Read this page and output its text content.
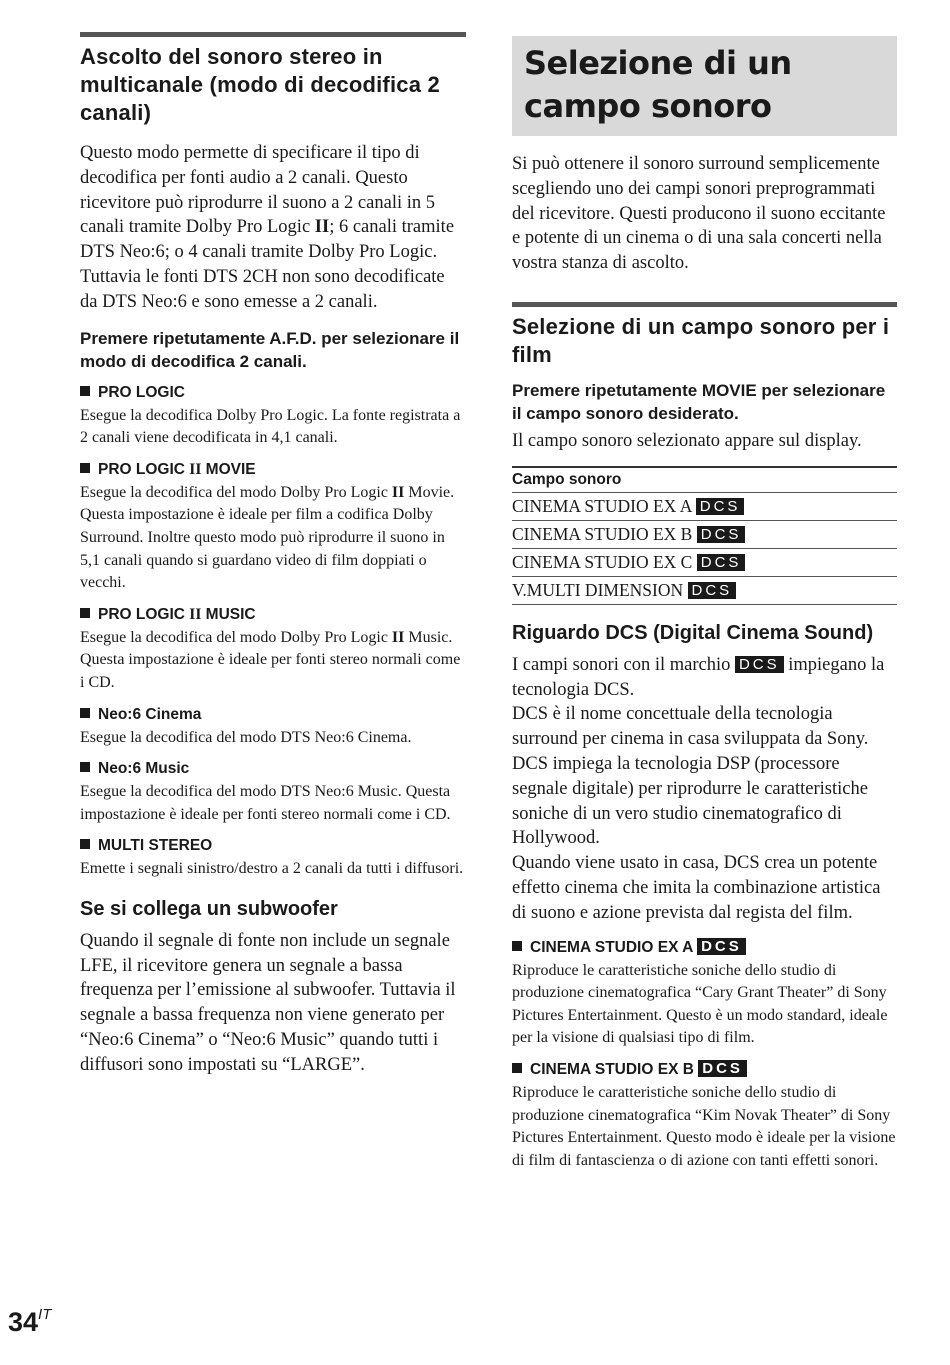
Ascolto del sonoro stereo in multicanale (modo di decodifica 2 canali)

Questo modo permette di specificare il tipo di decodifica per fonti audio a 2 canali. Questo ricevitore può riprodurre il suono a 2 canali in 5 canali tramite Dolby Pro Logic II; 6 canali tramite DTS Neo:6; o 4 canali tramite Dolby Pro Logic. Tuttavia le fonti DTS 2CH non sono decodificate da DTS Neo:6 e sono emesse a 2 canali.

Premere ripetutamente A.F.D. per selezionare il modo di decodifica 2 canali.

PRO LOGIC

Esegue la decodifica Dolby Pro Logic. La fonte registrata a 2 canali viene decodificata in 4,1 canali.

PRO LOGIC II MOVIE

Esegue la decodifica del modo Dolby Pro Logic II Movie. Questa impostazione è ideale per film a codifica Dolby Surround. Inoltre questo modo può riprodurre il suono in 5,1 canali quando si guardano video di film doppiati o vecchi.

PRO LOGIC II MUSIC

Esegue la decodifica del modo Dolby Pro Logic II Music. Questa impostazione è ideale per fonti stereo normali come i CD.

Neo:6 Cinema

Esegue la decodifica del modo DTS Neo:6 Cinema.

Neo:6 Music

Esegue la decodifica del modo DTS Neo:6 Music. Questa impostazione è ideale per fonti stereo normali come i CD.

MULTI STEREO

Emette i segnali sinistro/destro a 2 canali da tutti i diffusori.

Se si collega un subwoofer

Quando il segnale di fonte non include un segnale LFE, il ricevitore genera un segnale a bassa frequenza per l’emissione al subwoofer. Tuttavia il segnale a bassa frequenza non viene generato per “Neo:6 Cinema” o “Neo:6 Music” quando tutti i diffusori sono impostati su “LARGE”.

Selezione di un campo sonoro

Si può ottenere il sonoro surround semplicemente scegliendo uno dei campi sonori preprogrammati del ricevitore. Questi producono il suono eccitante e potente di un cinema o di una sala concerti nella vostra stanza di ascolto.

Selezione di un campo sonoro per i film

Premere ripetutamente MOVIE per selezionare il campo sonoro desiderato.

Il campo sonoro selezionato appare sul display.

Campo sonoro
CINEMA STUDIO EX A DCS
CINEMA STUDIO EX B DCS
CINEMA STUDIO EX C DCS
V.MULTI DIMENSION DCS
Riguardo DCS (Digital Cinema Sound)

I campi sonori con il marchio DCS impiegano la tecnologia DCS.

DCS è il nome concettuale della tecnologia surround per cinema in casa sviluppata da Sony. DCS impiega la tecnologia DSP (processore segnale digitale) per riprodurre le caratteristiche soniche di un vero studio cinematografico di Hollywood.

Quando viene usato in casa, DCS crea un potente effetto cinema che imita la combinazione artistica di suono e azione prevista dal regista del film.

CINEMA STUDIO EX A DCS

Riproduce le caratteristiche soniche dello studio di produzione cinematografica “Cary Grant Theater” di Sony Pictures Entertainment. Questo è un modo standard, ideale per la visione di qualsiasi tipo di film.

CINEMA STUDIO EX B DCS

Riproduce le caratteristiche soniche dello studio di produzione cinematografica “Kim Novak Theater” di Sony Pictures Entertainment. Questo modo è ideale per la visione di film di fantascienza o di azione con tanti effetti sonori.

$34^{IT}$
